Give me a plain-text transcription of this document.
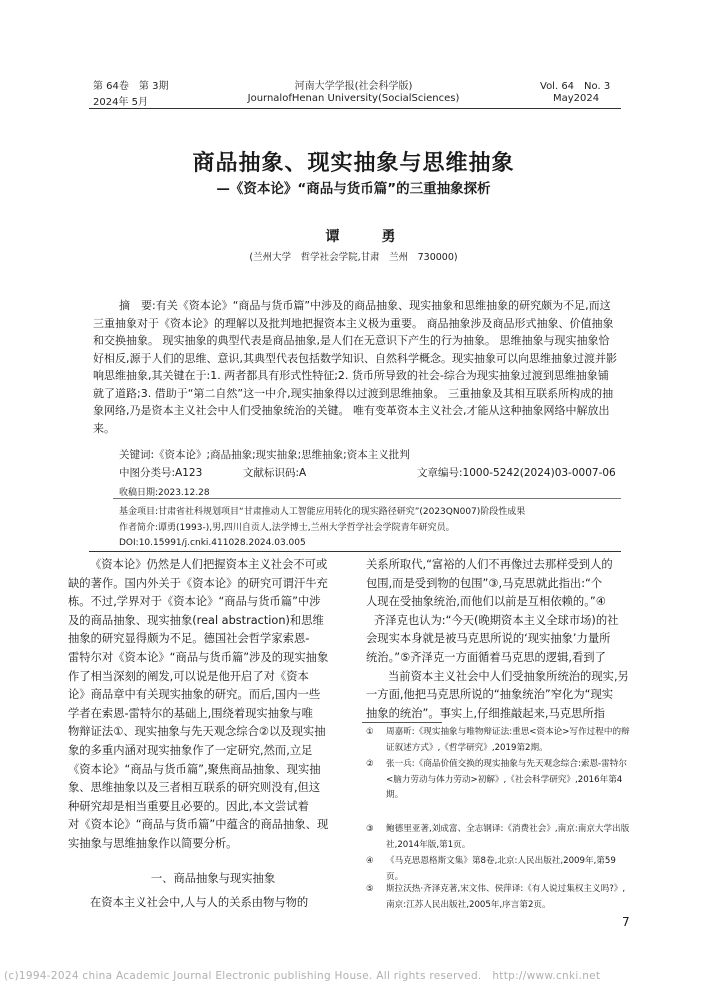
第 64卷　第 3期
2024年 5月
河南大学学报(社会科学版)
JournalofHenan University(SocialSciences)
Vol. 64　No. 3
May2024
商品抽象、现实抽象与思维抽象
—《资本论》“商品与货币篇”的三重抽象探析
谭　勇
(兰州大学　哲学社会学院,甘肃　兰州　730000)
摘　要:有关《资本论》“商品与货币篇”中涉及的商品抽象、现实抽象和思维抽象的研究颇为不足,而这三重抽象对于《资本论》的理解以及批判地把握资本主义极为重要。 商品抽象涉及商品形式抽象、价值抽象和交换抽象。 现实抽象的典型代表是商品抽象,是人们在无意识下产生的行为抽象。 思维抽象与现实抽象恰好相反,源于人们的思维、意识,其典型代表包括数学知识、自然科学概念。现实抽象可以向思维抽象过渡并影响思维抽象,其关键在于:1. 两者都具有形式性特征;2. 货币所导致的社会-综合为现实抽象过渡到思维抽象铺就了道路;3. 借助于“第二自然”这一中介,现实抽象得以过渡到思维抽象。 三重抽象及其相互联系所构成的抽象网络,乃是资本主义社会中人们受抽象统治的关键。 唯有变革资本主义社会,才能从这种抽象网络中解放出来。
关键词:《资本论》;商品抽象;现实抽象;思维抽象;资本主义批判
中图分类号:A123	文献标识码:A	文章编号:1000-5242(2024)03-0007-06
收稿日期:2023.12.28
基金项目:甘肃省社科规划项目“甘肃推动人工智能应用转化的现实路径研究”(2023QN007)阶段性成果
作者简介:谭勇(1993-),男,四川自贡人,法学博士,兰州大学哲学社会学院青年研究员。
DOI:10.15991/j.cnki.411028.2024.03.005

《资本论》仍然是人们把握资本主义社会不可或

缺的著作。国内外关于《资本论》的研究可谓汗牛充

栋。不过,学界对于《资本论》“商品与货币篇”中涉

及的商品抽象、现实抽象(real abstraction)和思维

抽象的研究显得颇为不足。德国社会哲学家索恩-

雷特尔对《资本论》“商品与货币篇”涉及的现实抽象

作了相当深刻的阐发,可以说是他开启了对《资本

论》商品章中有关现实抽象的研究。而后,国内一些

学者在索恩-雷特尔的基础上,围绕着现实抽象与唯

物辩证法①、现实抽象与先天观念综合②以及现实抽

象的多重内涵对现实抽象作了一定研究,然而,立足

《资本论》“商品与货币篇”,聚焦商品抽象、现实抽

象、思维抽象以及三者相互联系的研究则没有,但这

种研究却是相当重要且必要的。因此,本文尝试着

对《资本论》“商品与货币篇”中蕴含的商品抽象、现

实抽象与思维抽象作以简要分析。

一、商品抽象与现实抽象
在资本主义社会中,人与人的关系由物与物的

关系所取代,“富裕的人们不再像过去那样受到人的

包围,而是受到物的包围”③,马克思就此指出:“个

人现在受抽象统治,而他们以前是互相依赖的。”④

齐泽克也认为:“今天(晚期资本主义全球市场)的社

会现实本身就是被马克思所说的‘现实抽象’力量所

统治。”⑤齐泽克一方面循着马克思的逻辑,看到了

当前资本主义社会中人们受抽象所统治的现实,另

一方面,他把马克思所说的“抽象统治”窄化为“现实

抽象的统治”。事实上,仔细推敲起来,马克思所指

① 周嘉昕:《现实抽象与唯物辩证法:重思<资本论>写作过程中的辩证叙述方式》,《哲学研究》,2019第2期。
② 张一兵:《商品价值交换的现实抽象与先天观念综合:索恩-雷特尔<脑力劳动与体力劳动>初解》,《社会科学研究》,2016年第4期。
③ 鲍德里亚著,刘成富、全志钢译:《消费社会》,南京:南京大学出版社,2014年版,第1页。
④ 《马克思恩格斯文集》第8卷,北京:人民出版社,2009年,第59页。
⑤ 斯拉沃热·齐泽克著,宋文伟、侯萍译:《有人说过集权主义吗?》,南京:江苏人民出版社,2005年,序言第2页。
7
(c)1994-2024 china Academic Journal Electronic publishing House. All rights reserved.　http://www.cnki.net
